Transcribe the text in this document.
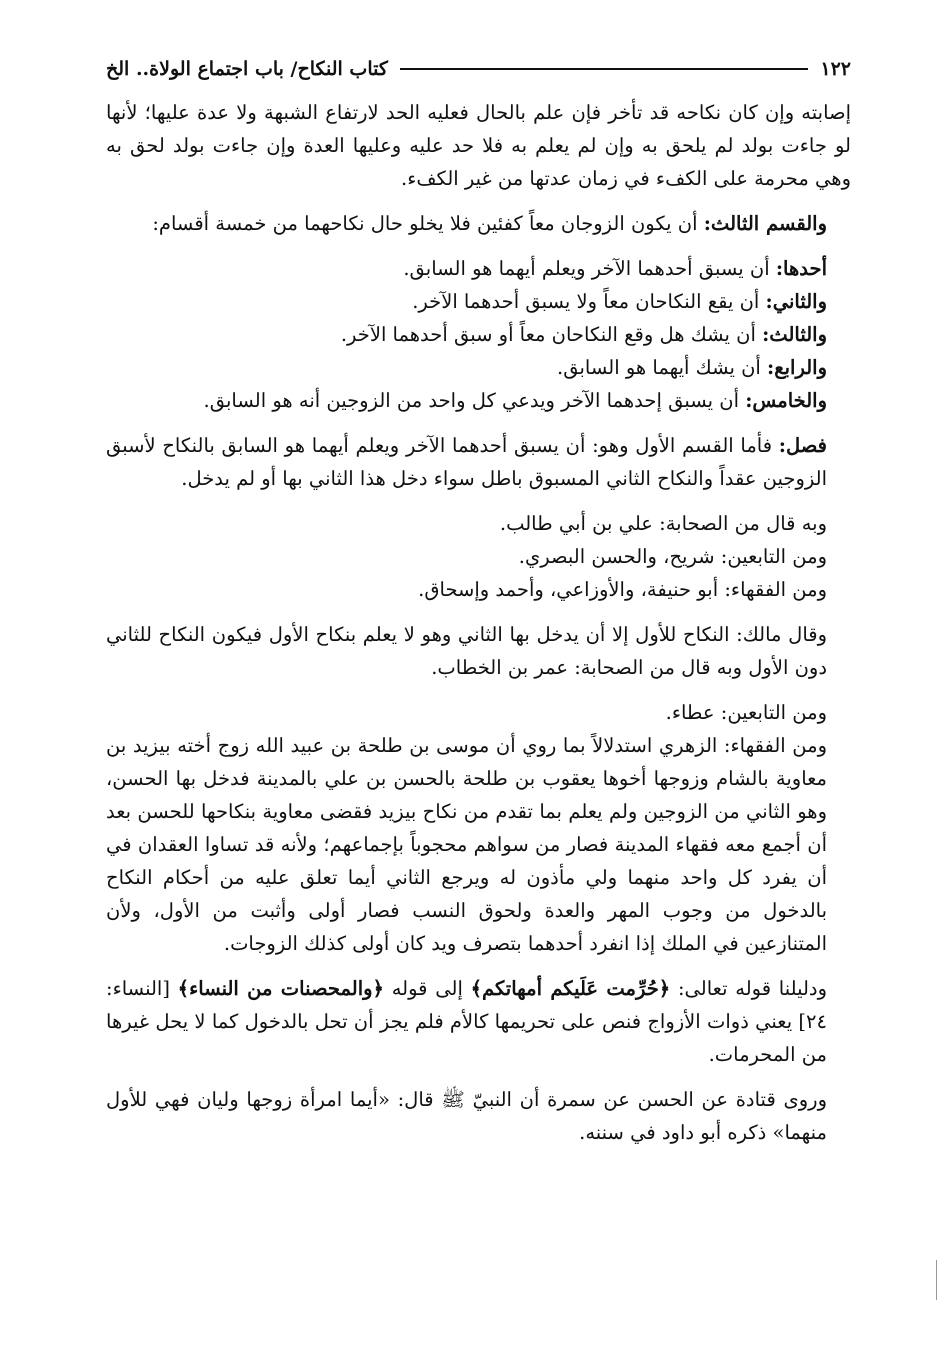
١٢٢
كتاب النكاح/ باب اجتماع الولاة.. الخ

إصابته وإن كان نكاحه قد تأخر فإن علم بالحال فعليه الحد لارتفاع الشبهة ولا عدة عليها؛ لأنها لو جاءت بولد لم يلحق به وإن لم يعلم به فلا حد عليه وعليها العدة وإن جاءت بولد لحق به وهي محرمة على الكفء في زمان عدتها من غير الكفء.

والقسم الثالث: أن يكون الزوجان معاً كفئين فلا يخلو حال نكاحهما من خمسة أقسام:

أحدها: أن يسبق أحدهما الآخر ويعلم أيهما هو السابق.

والثاني: أن يقع النكاحان معاً ولا يسبق أحدهما الآخر.

والثالث: أن يشك هل وقع النكاحان معاً أو سبق أحدهما الآخر.

والرابع: أن يشك أيهما هو السابق.

والخامس: أن يسبق إحدهما الآخر ويدعي كل واحد من الزوجين أنه هو السابق.

فصل: فأما القسم الأول وهو: أن يسبق أحدهما الآخر ويعلم أيهما هو السابق بالنكاح لأسبق الزوجين عقداً والنكاح الثاني المسبوق باطل سواء دخل هذا الثاني بها أو لم يدخل.

وبه قال من الصحابة: علي بن أبي طالب.

ومن التابعين: شريح، والحسن البصري.

ومن الفقهاء: أبو حنيفة، والأوزاعي، وأحمد وإسحاق.

وقال مالك: النكاح للأول إلا أن يدخل بها الثاني وهو لا يعلم بنكاح الأول فيكون النكاح للثاني دون الأول وبه قال من الصحابة: عمر بن الخطاب.

ومن التابعين: عطاء.

ومن الفقهاء: الزهري استدلالاً بما روي أن موسى بن طلحة بن عبيد الله زوج أخته بيزيد بن معاوية بالشام وزوجها أخوها يعقوب بن طلحة بالحسن بن علي بالمدينة فدخل بها الحسن، وهو الثاني من الزوجين ولم يعلم بما تقدم من نكاح بيزيد فقضى معاوية بنكاحها للحسن بعد أن أجمع معه فقهاء المدينة فصار من سواهم محجوباً بإجماعهم؛ ولأنه قد تساوا العقدان في أن يفرد كل واحد منهما ولي مأذون له ويرجع الثاني أيما تعلق عليه من أحكام النكاح بالدخول من وجوب المهر والعدة ولحوق النسب فصار أولى وأثبت من الأول، ولأن المتنازعين في الملك إذا انفرد أحدهما بتصرف ويد كان أولى كذلك الزوجات.

ودليلنا قوله تعالى: ﴿حُرِّمت عَلَيكم أمهاتكم﴾ إلى قوله ﴿والمحصنات من النساء﴾ [النساء: ٢٤] يعني ذوات الأزواج فنص على تحريمها كالأم فلم يجز أن تحل بالدخول كما لا يحل غيرها من المحرمات.

وروى قتادة عن الحسن عن سمرة أن النبيّ ﷺ قال: «أيما امرأة زوجها وليان فهي للأول منهما» ذكره أبو داود في سننه.
